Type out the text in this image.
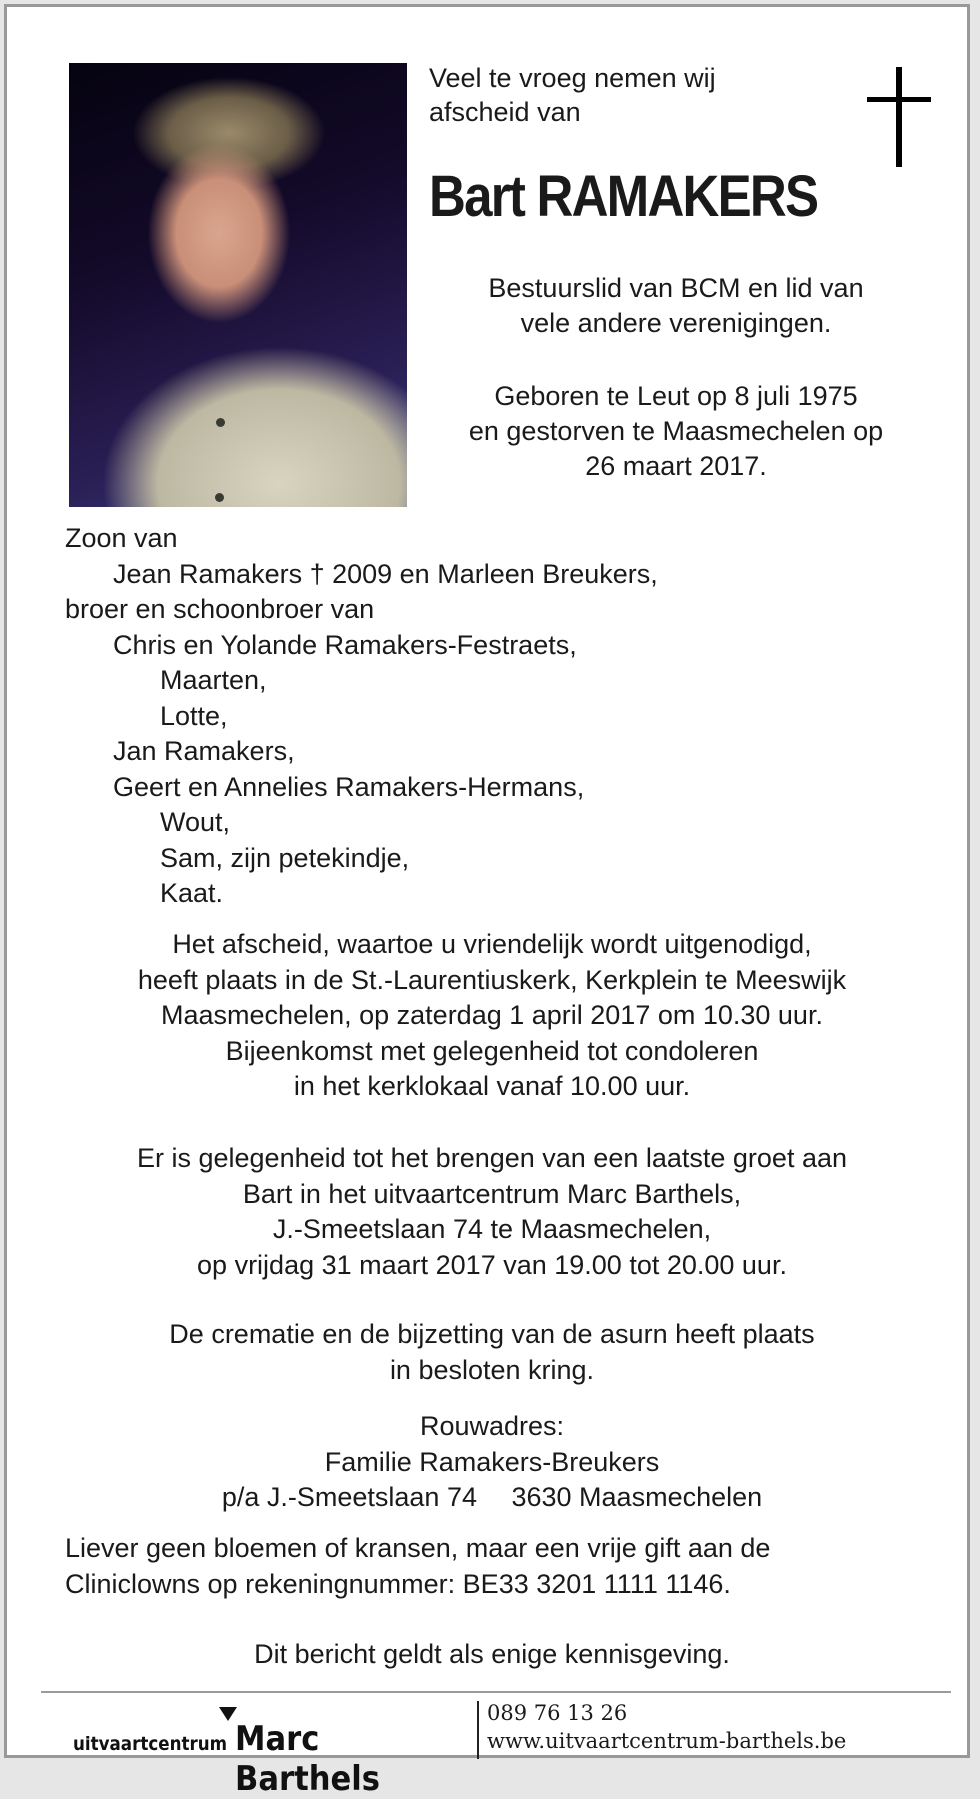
Veel te vroeg nemen wij
afscheid van

Bart RAMAKERS

Bestuurslid van BCM en lid van
vele andere verenigingen.

Geboren te Leut op 8 juli 1975
en gestorven te Maasmechelen op
26 maart 2017.

Zoon van
Jean Ramakers † 2009 en Marleen Breukers,
broer en schoonbroer van
Chris en Yolande Ramakers-Festraets,
Maarten,
Lotte,
Jan Ramakers,
Geert en Annelies Ramakers-Hermans,
Wout,
Sam, zijn petekindje,
Kaat.

Het afscheid, waartoe u vriendelijk wordt uitgenodigd,
heeft plaats in de St.-Laurentiuskerk, Kerkplein te Meeswijk
Maasmechelen, op zaterdag 1 april 2017 om 10.30 uur.
Bijeenkomst met gelegenheid tot condoleren
in het kerklokaal vanaf 10.00 uur.

Er is gelegenheid tot het brengen van een laatste groet aan
Bart in het uitvaartcentrum Marc Barthels,
J.-Smeetslaan 74 te Maasmechelen,
op vrijdag 31 maart 2017 van 19.00 tot 20.00 uur.

De crematie en de bijzetting van de asurn heeft plaats
in besloten kring.

Rouwadres:
Familie Ramakers-Breukers
p/a J.-Smeetslaan 74  3630 Maasmechelen

Liever geen bloemen of kransen, maar een vrije gift aan de
Cliniclowns op rekeningnummer: BE33 3201 1111 1146.

Dit bericht geldt als enige kennisgeving.

uitvaartcentrum Marc Barthels

089 76 13 26
www.uitvaartcentrum-barthels.be
